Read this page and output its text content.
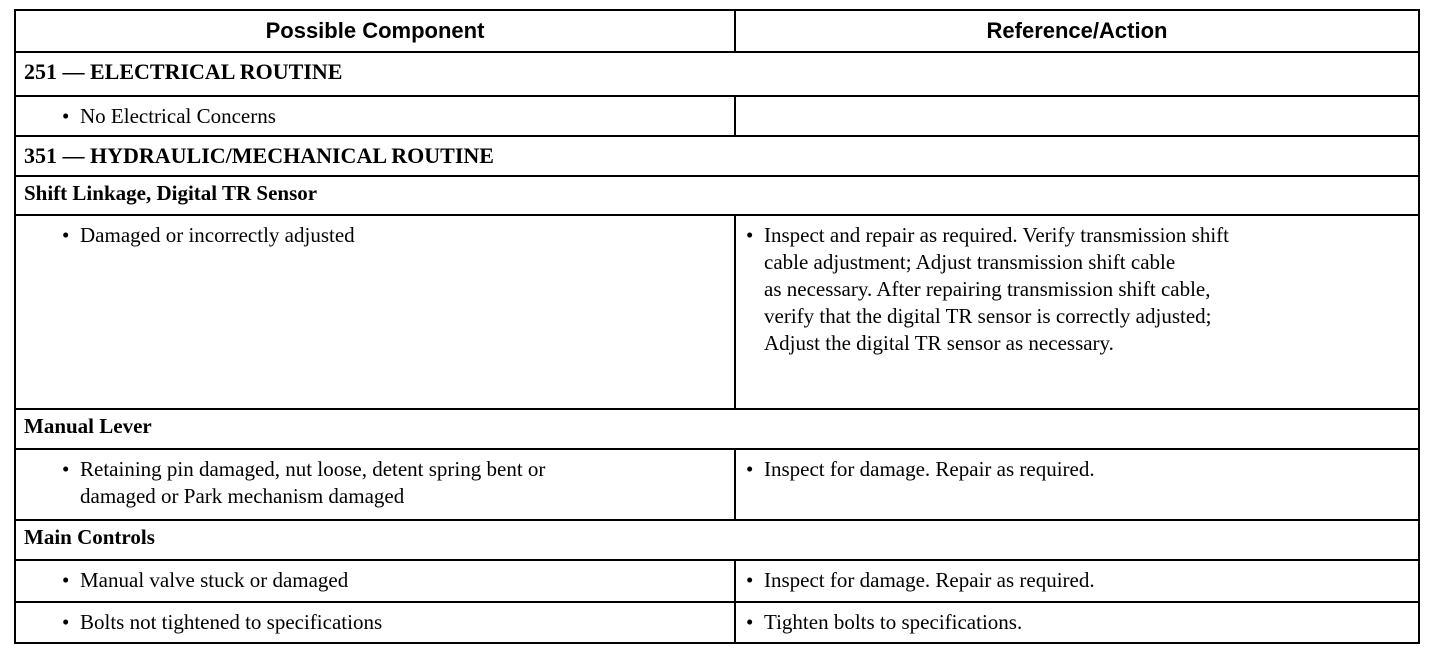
Possible Component	Reference/Action
251 — ELECTRICAL ROUTINE	
• No Electrical Concerns	
351 — HYDRAULIC/MECHANICAL ROUTINE	
Shift Linkage, Digital TR Sensor	
• Damaged or incorrectly adjusted	• Inspect and repair as required. Verify transmission shift
cable adjustment; Adjust transmission shift cable
as necessary. After repairing transmission shift cable,
verify that the digital TR sensor is correctly adjusted;
Adjust the digital TR sensor as necessary.

Manual Lever	

• Retaining pin damaged, nut loose, detent spring bent or
damaged or Park mechanism damaged	• Inspect for damage. Repair as required.
Main Controls	
• Manual valve stuck or damaged	• Inspect for damage. Repair as required.
• Bolts not tightened to specifications	• Tighten bolts to specifications.
